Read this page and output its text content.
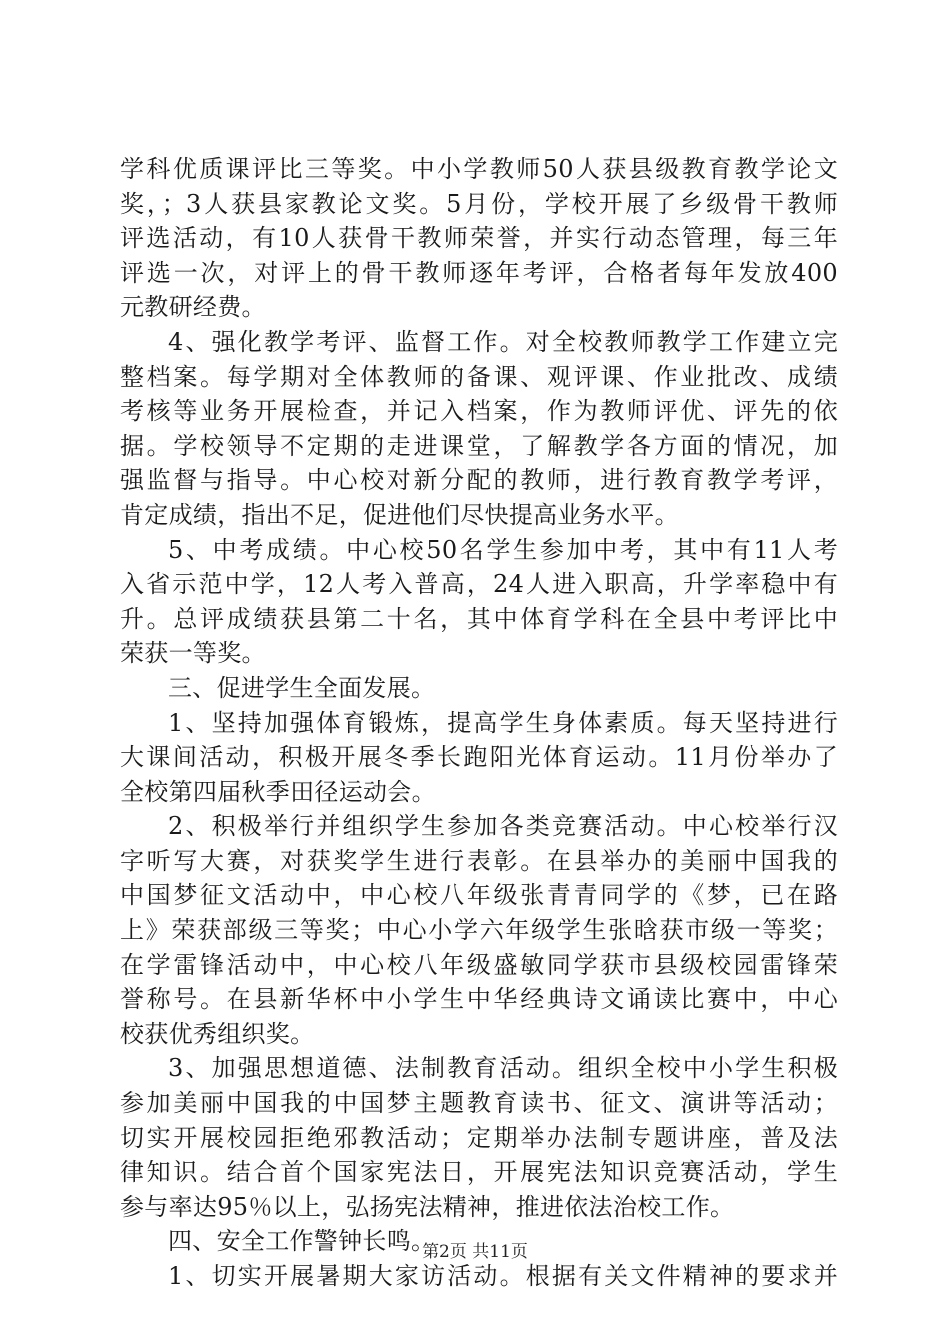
学科优质课评比三等奖。中小学教师50人获县级教育教学论文
奖，；3人获县家教论文奖。5月份，学校开展了乡级骨干教师
评选活动，有10人获骨干教师荣誉，并实行动态管理，每三年
评选一次，对评上的骨干教师逐年考评，合格者每年发放400
元教研经费。
4、强化教学考评、监督工作。对全校教师教学工作建立完
整档案。每学期对全体教师的备课、观评课、作业批改、成绩
考核等业务开展检查，并记入档案，作为教师评优、评先的依
据。学校领导不定期的走进课堂，了解教学各方面的情况，加
强监督与指导。中心校对新分配的教师，进行教育教学考评，
肯定成绩，指出不足，促进他们尽快提高业务水平。
5、中考成绩。中心校50名学生参加中考，其中有11人考
入省示范中学，12人考入普高，24人进入职高，升学率稳中有
升。总评成绩获县第二十名，其中体育学科在全县中考评比中
荣获一等奖。
三、促进学生全面发展。
1、坚持加强体育锻炼，提高学生身体素质。每天坚持进行
大课间活动，积极开展冬季长跑阳光体育运动。11月份举办了
全校第四届秋季田径运动会。
2、积极举行并组织学生参加各类竞赛活动。中心校举行汉
字听写大赛，对获奖学生进行表彰。在县举办的美丽中国我的
中国梦征文活动中，中心校八年级张青青同学的《梦，已在路
上》荣获部级三等奖；中心小学六年级学生张晗获市级一等奖；
在学雷锋活动中，中心校八年级盛敏同学获市县级校园雷锋荣
誉称号。在县新华杯中小学生中华经典诗文诵读比赛中，中心
校获优秀组织奖。
3、加强思想道德、法制教育活动。组织全校中小学生积极
参加美丽中国我的中国梦主题教育读书、征文、演讲等活动；
切实开展校园拒绝邪教活动；定期举办法制专题讲座，普及法
律知识。结合首个国家宪法日，开展宪法知识竞赛活动，学生
参与率达95％以上，弘扬宪法精神，推进依法治校工作。
四、安全工作警钟长鸣。
1、切实开展暑期大家访活动。根据有关文件精神的要求并
第2页 共11页
